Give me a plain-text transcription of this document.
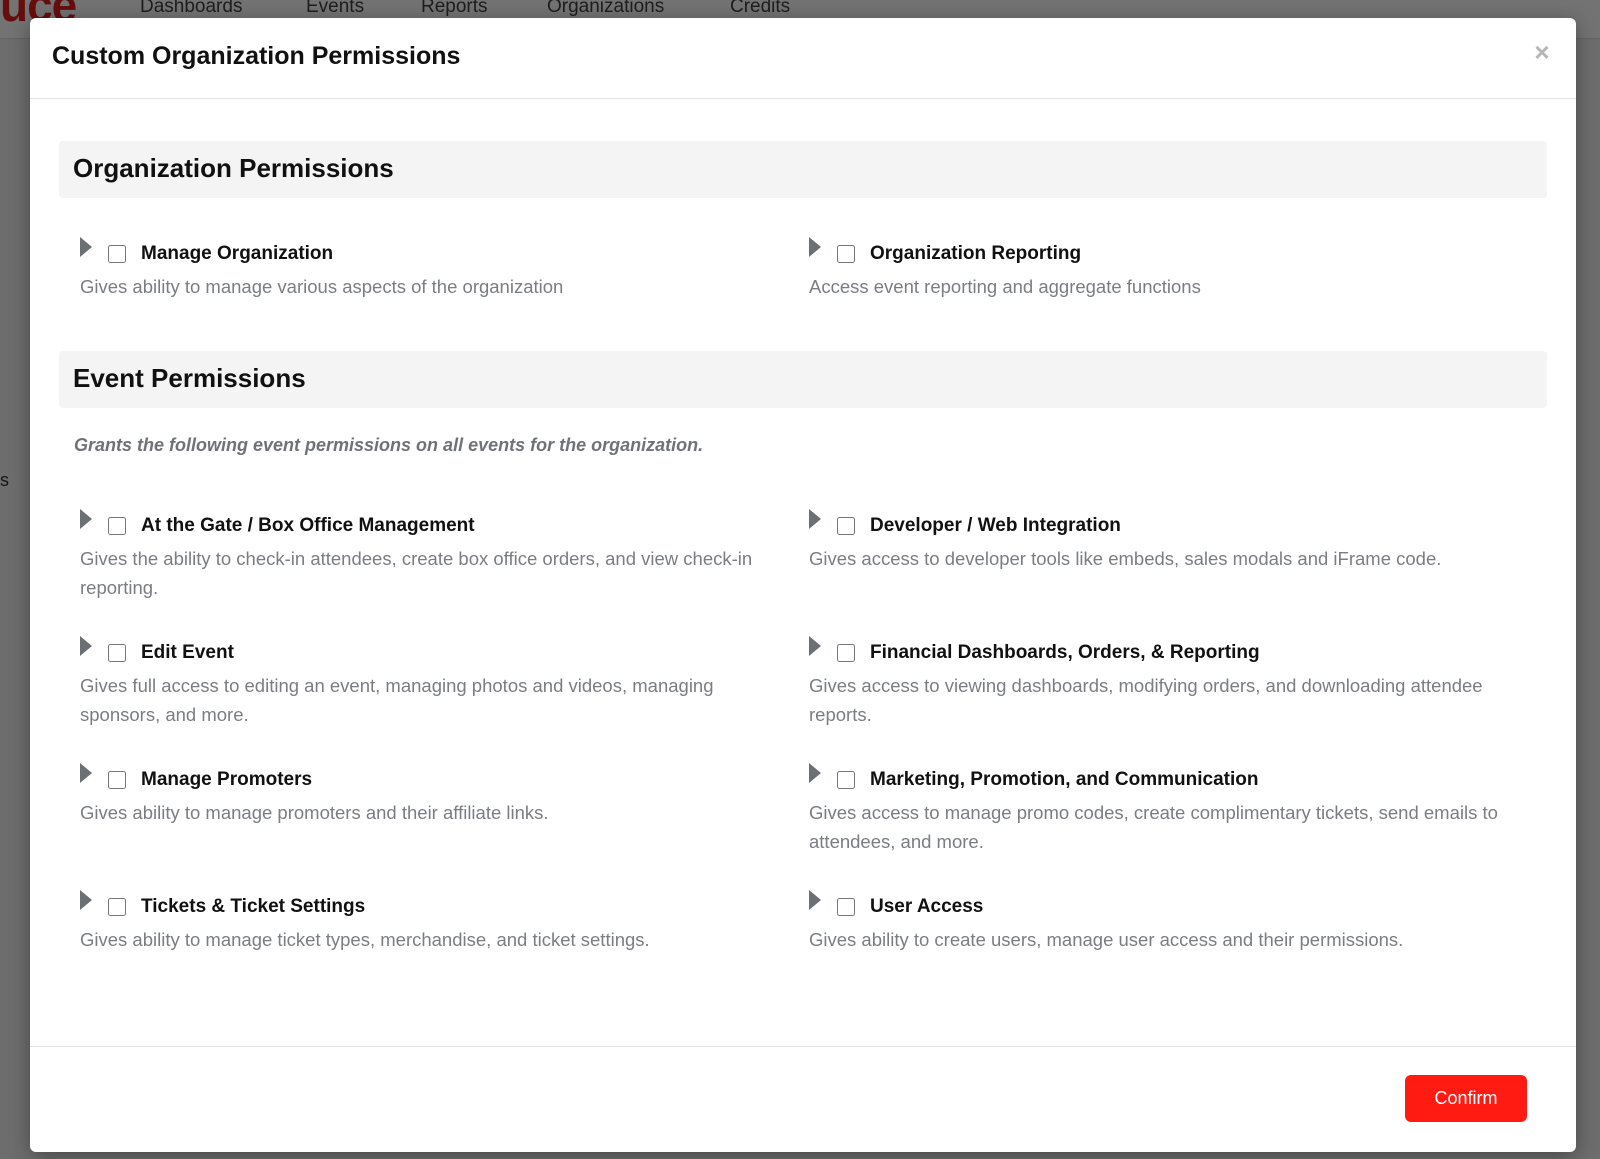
Custom Organization Permissions	×
Organization Permissions
Manage Organization
Gives ability to manage various aspects of the organization
Organization Reporting
Access event reporting and aggregate functions
Event Permissions
Grants the following event permissions on all events for the organization.
At the Gate / Box Office Management
Gives the ability to check-in attendees, create box office orders, and view check-in reporting.
Developer / Web Integration
Gives access to developer tools like embeds, sales modals and iFrame code.
Edit Event
Gives full access to editing an event, managing photos and videos, managing sponsors, and more.
Financial Dashboards, Orders, & Reporting
Gives access to viewing dashboards, modifying orders, and downloading attendee reports.
Manage Promoters
Gives ability to manage promoters and their affiliate links.
Marketing, Promotion, and Communication
Gives access to manage promo codes, create complimentary tickets, send emails to attendees, and more.
Tickets & Ticket Settings
Gives ability to manage ticket types, merchandise, and ticket settings.
User Access
Gives ability to create users, manage user access and their permissions.
Confirm
